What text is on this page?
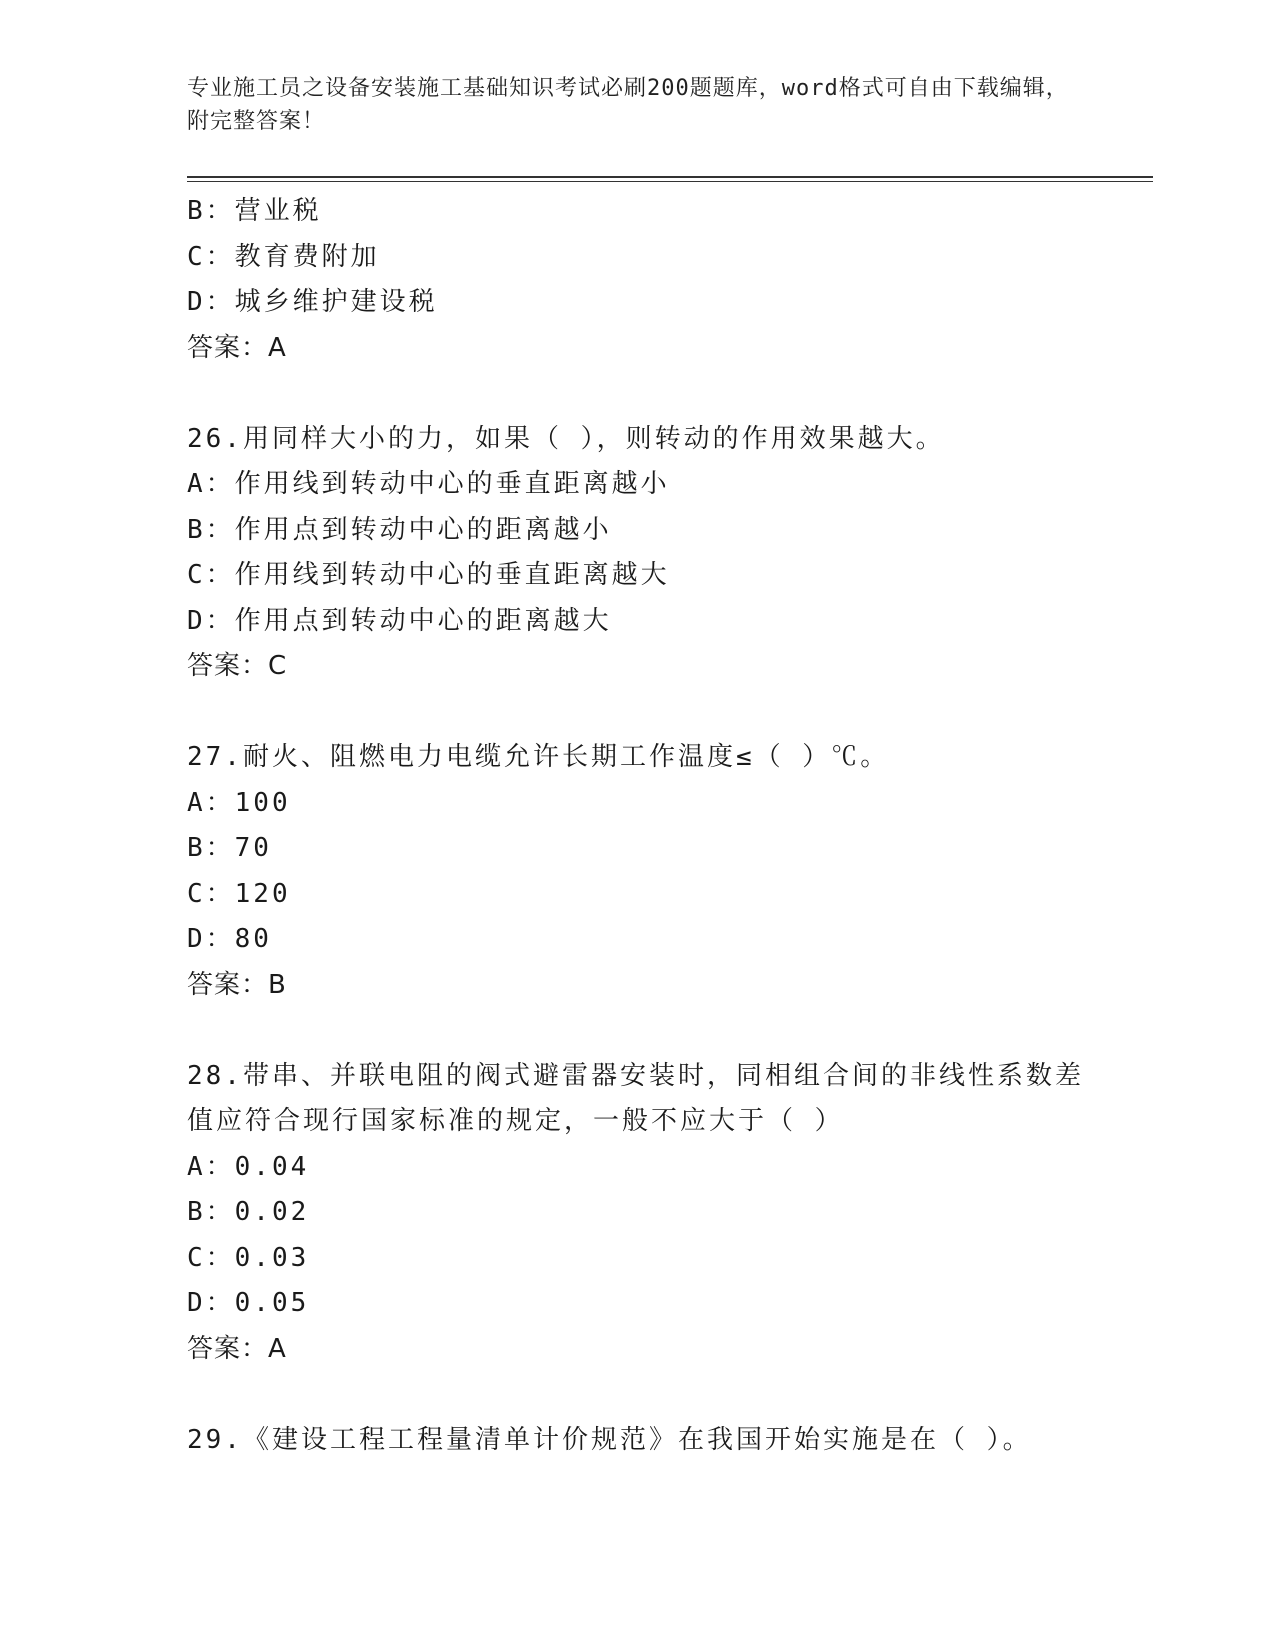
专业施工员之设备安装施工基础知识考试必刷200题题库，word格式可自由下载编辑，附完整答案！
B：营业税
C：教育费附加
D：城乡维护建设税
答案：A
26.用同样大小的力，如果（ ），则转动的作用效果越大。
A：作用线到转动中心的垂直距离越小
B：作用点到转动中心的距离越小
C：作用线到转动中心的垂直距离越大
D：作用点到转动中心的距离越大
答案：C
27.耐火、阻燃电力电缆允许长期工作温度≤（ ）℃。
A：100
B：70
C：120
D：80
答案：B
28.带串、并联电阻的阀式避雷器安装时，同相组合间的非线性系数差
值应符合现行国家标准的规定，一般不应大于（ ）
A：0.04
B：0.02
C：0.03
D：0.05
答案：A
29.《建设工程工程量清单计价规范》在我国开始实施是在（ ）。
